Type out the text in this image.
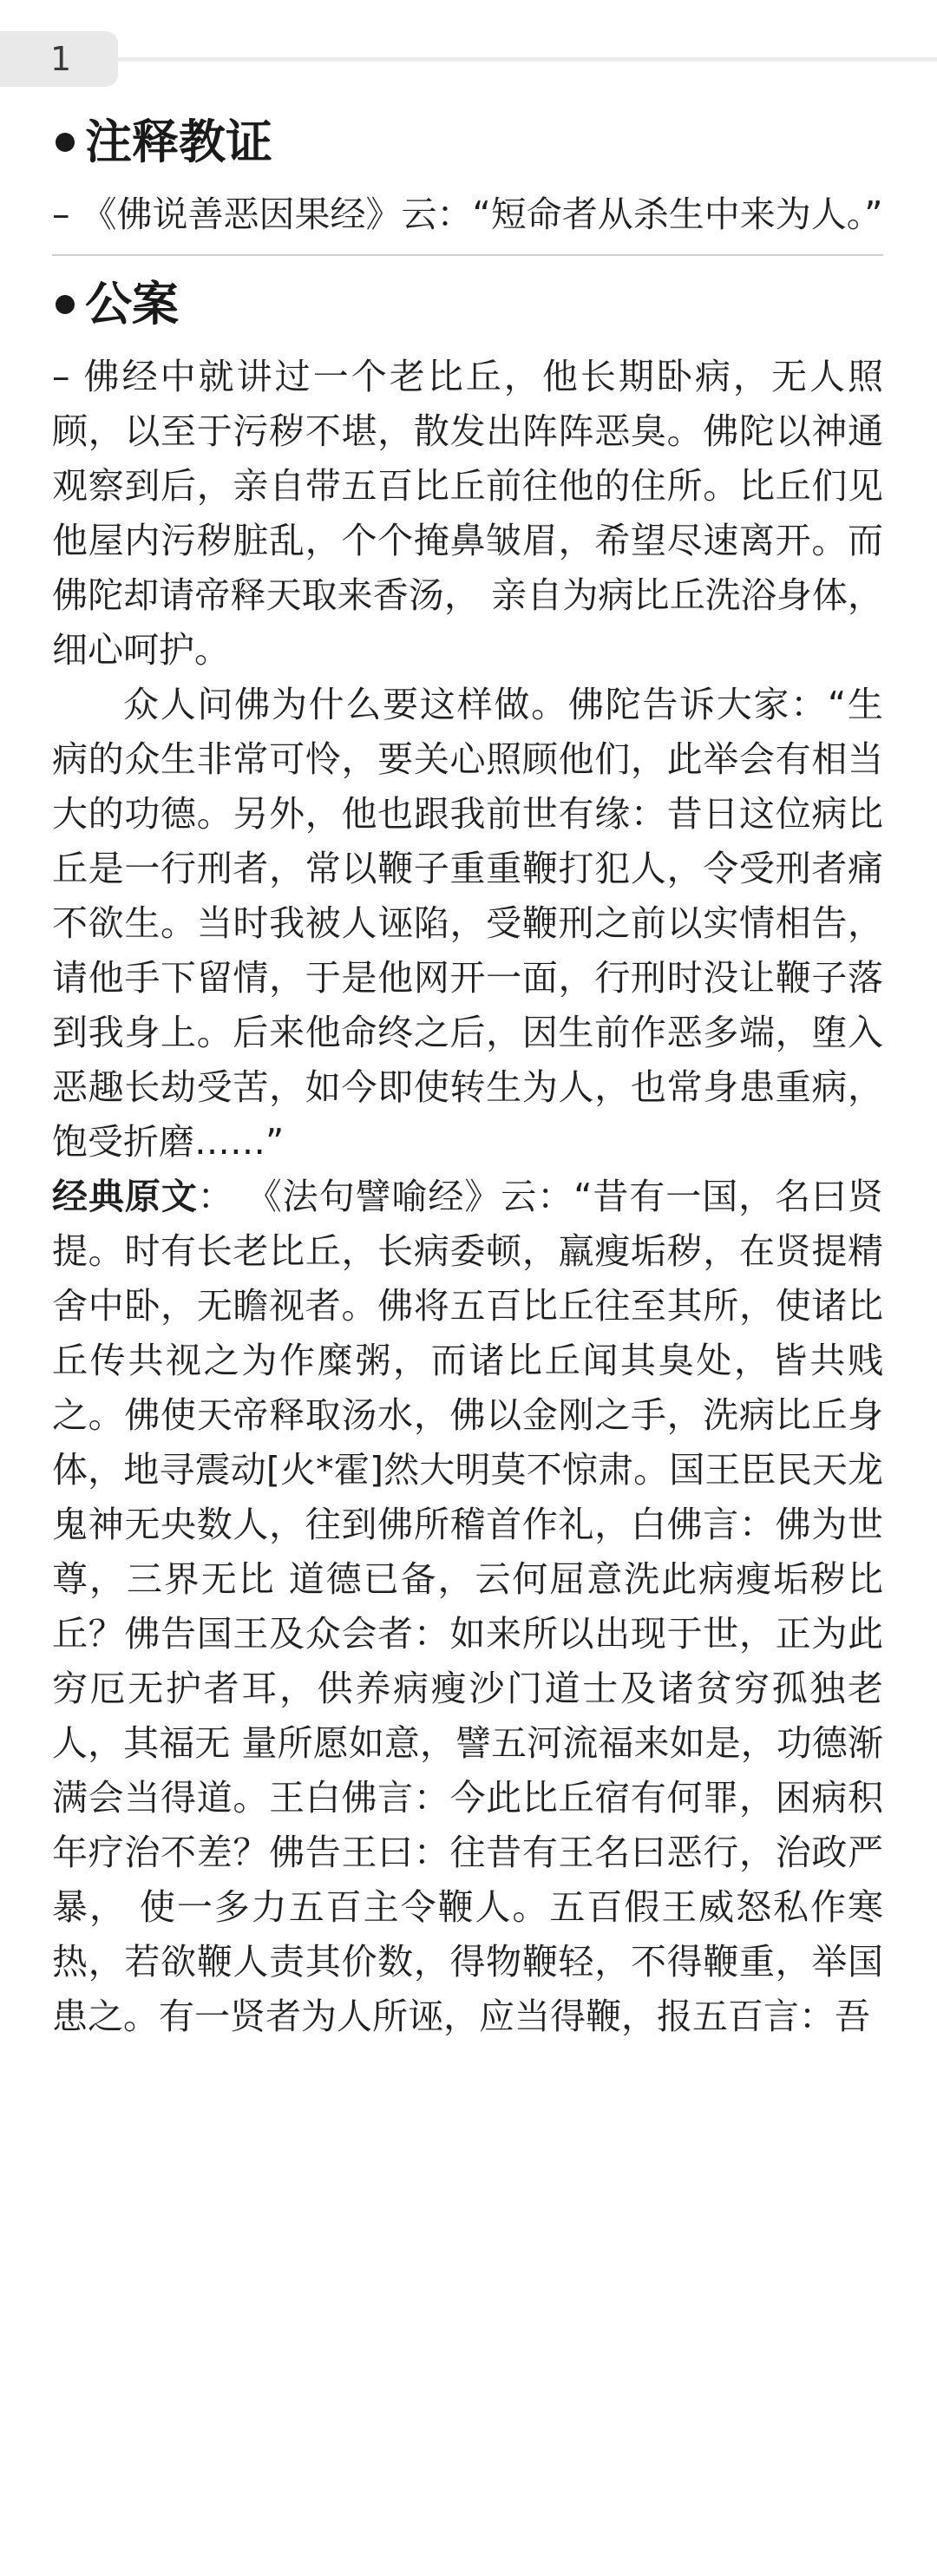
1
注释教证

– 《佛说善恶因果经》云：“短命者从杀生中来为人。”

公案

– 佛经中就讲过一个老比丘，他长期卧病，无人照顾，以至于污秽不堪，散发出阵阵恶臭。佛陀以神通观察到后，亲自带五百比丘前往他的住所。比丘们见 他屋内污秽脏乱，个个掩鼻皱眉，希望尽速离开。而佛陀却请帝释天取来香汤， 亲自为病比丘洗浴身体，细心呵护。

众人问佛为什么要这样做。佛陀告诉大家：“生病的众生非常可怜，要关心照顾他们，此举会有相当大的功德。另外，他也跟我前世有缘：昔日这位病比丘是一行刑者，常以鞭子重重鞭打犯人，令受刑者痛不欲生。当时我被人诬陷，受鞭刑之前以实情相告，请他手下留情，于是他网开一面，行刑时没让鞭子落到我身上。后来他命终之后，因生前作恶多端，堕入恶趣长劫受苦，如今即使转生为人，也常身患重病，饱受折磨……”

经典原文： 《法句譬喻经》云：“昔有一国，名曰贤提。时有长老比丘，长病委顿，羸瘦垢秽，在贤提精舍中卧，无瞻视者。佛将五百比丘往至其所，使诸比丘传共视之为作糜粥，而诸比丘闻其臭处，皆共贱之。佛使天帝释取汤水，佛以金刚之手，洗病比丘身体，地寻震动[火*霍]然大明莫不惊肃。国王臣民天龙鬼神无央数人，往到佛所稽首作礼，白佛言：佛为世尊，三界无比 道德已备，云何屈意洗此病瘦垢秽比丘？佛告国王及众会者：如来所以出现于世，正为此穷厄无护者耳，供养病瘦沙门道士及诸贫穷孤独老人，其福无 量所愿如意，譬五河流福来如是，功德渐满会当得道。王白佛言：今此比丘宿有何罪，困病积年疗治不差？佛告王曰：往昔有王名曰恶行，治政严暴， 使一多力五百主令鞭人。五百假王威怒私作寒热，若欲鞭人责其价数，得物鞭轻，不得鞭重，举国患之。有一贤者为人所诬，应当得鞭，报五百言：吾
